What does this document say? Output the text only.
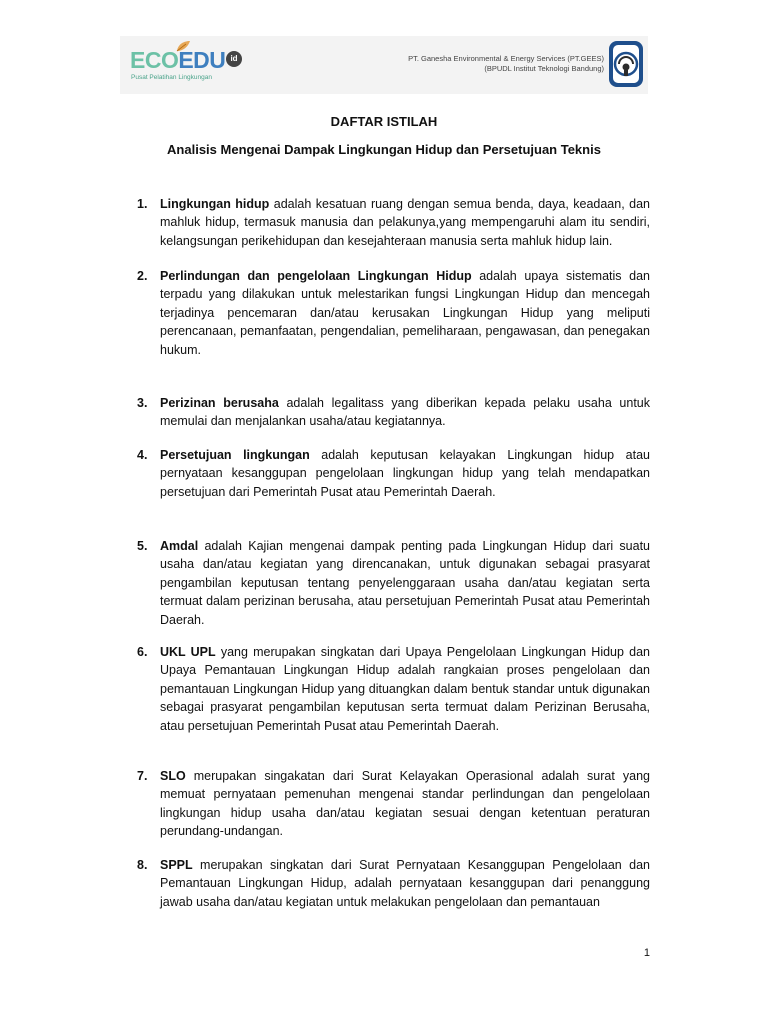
ECOEDU id
Pusat Pelatihan Lingkungan
PT. Ganesha Environmental & Energy Services (PT.GEES)
(BPUDL Institut Teknologi Bandung)
DAFTAR ISTILAH
Analisis Mengenai Dampak Lingkungan Hidup dan Persetujuan Teknis
1.	Lingkungan hidup adalah kesatuan ruang dengan semua benda, daya, keadaan, dan mahluk hidup, termasuk manusia dan pelakunya,yang mempengaruhi alam itu sendiri, kelangsungan perikehidupan dan kesejahteraan manusia serta mahluk hidup lain.
2.	Perlindungan dan pengelolaan Lingkungan Hidup adalah upaya sistematis dan terpadu yang dilakukan untuk melestarikan fungsi Lingkungan Hidup dan mencegah terjadinya pencemaran dan/atau kerusakan Lingkungan Hidup yang meliputi perencanaan, pemanfaatan, pengendalian, pemeliharaan, pengawasan, dan penegakan hukum.
3.	Perizinan berusaha adalah legalitass yang diberikan kepada pelaku usaha untuk memulai dan menjalankan usaha/atau kegiatannya.
4.	Persetujuan lingkungan adalah keputusan kelayakan Lingkungan hidup atau pernyataan kesanggupan pengelolaan lingkungan hidup yang telah mendapatkan persetujuan dari Pemerintah Pusat atau Pemerintah Daerah.
5.	Amdal adalah Kajian mengenai dampak penting pada Lingkungan Hidup dari suatu usaha dan/atau kegiatan yang direncanakan, untuk digunakan sebagai prasyarat pengambilan keputusan tentang penyelenggaraan usaha dan/atau kegiatan serta termuat dalam perizinan berusaha, atau persetujuan Pemerintah Pusat atau Pemerintah Daerah.
6.	UKL UPL yang merupakan singkatan dari Upaya Pengelolaan Lingkungan Hidup dan Upaya Pemantauan Lingkungan Hidup adalah rangkaian proses pengelolaan dan pemantauan Lingkungan Hidup yang dituangkan dalam bentuk standar untuk digunakan sebagai prasyarat pengambilan keputusan serta termuat dalam Perizinan Berusaha, atau persetujuan Pemerintah Pusat atau Pemerintah Daerah.
7.	SLO merupakan singakatan dari Surat Kelayakan Operasional adalah surat yang memuat pernyataan pemenuhan mengenai standar perlindungan dan pengelolaan lingkungan hidup usaha dan/atau kegiatan sesuai dengan ketentuan peraturan perundang-undangan.
8.	SPPL merupakan singkatan dari Surat Pernyataan Kesanggupan Pengelolaan dan Pemantauan Lingkungan Hidup, adalah pernyataan kesanggupan dari penanggung jawab usaha dan/atau kegiatan untuk melakukan pengelolaan dan pemantauan
1
